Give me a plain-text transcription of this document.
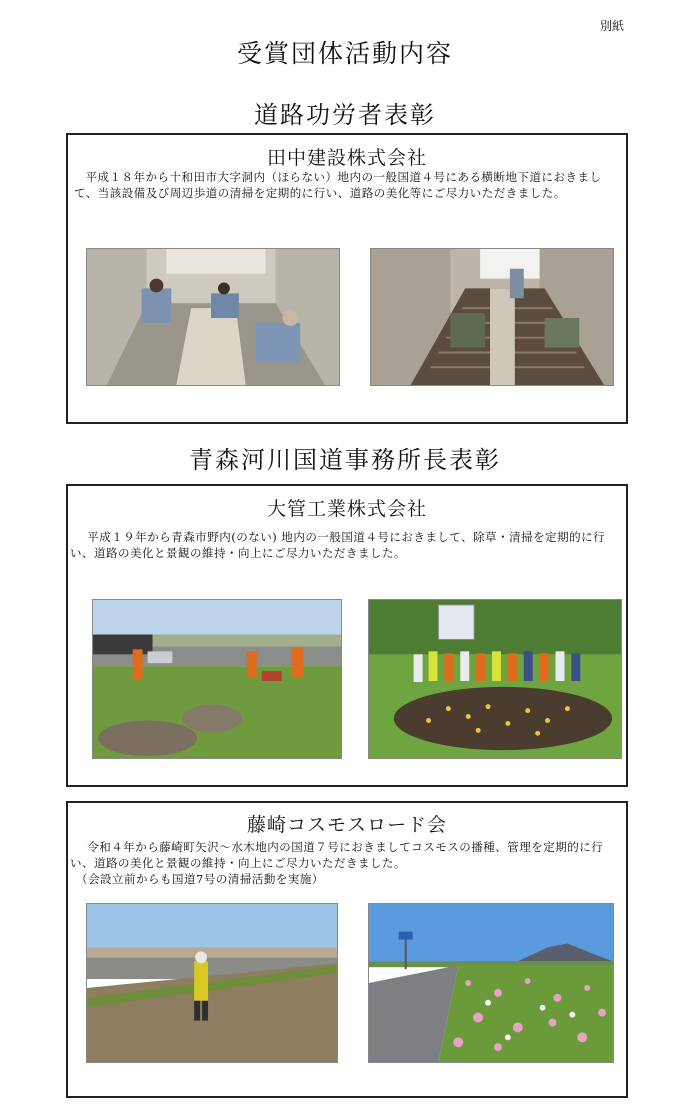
別紙
受賞団体活動内容
道路功労者表彰
田中建設株式会社
平成１８年から十和田市大字洞内（ほらない）地内の一般国道４号にある横断地下道におきまして、当該設備及び周辺歩道の清掃を定期的に行い、道路の美化等にご尽力いただきました。
青森河川国道事務所長表彰
大管工業株式会社
平成１９年から青森市野内(のない) 地内の一般国道４号におきまして、除草・清掃を定期的に行い、道路の美化と景観の維持・向上にご尽力いただきました。
藤崎コスモスロード会
令和４年から藤崎町矢沢～水木地内の国道７号におきましてコスモスの播種、管理を定期的に行い、道路の美化と景観の維持・向上にご尽力いただきました。
（会設立前からも国道7号の清掃活動を実施）
